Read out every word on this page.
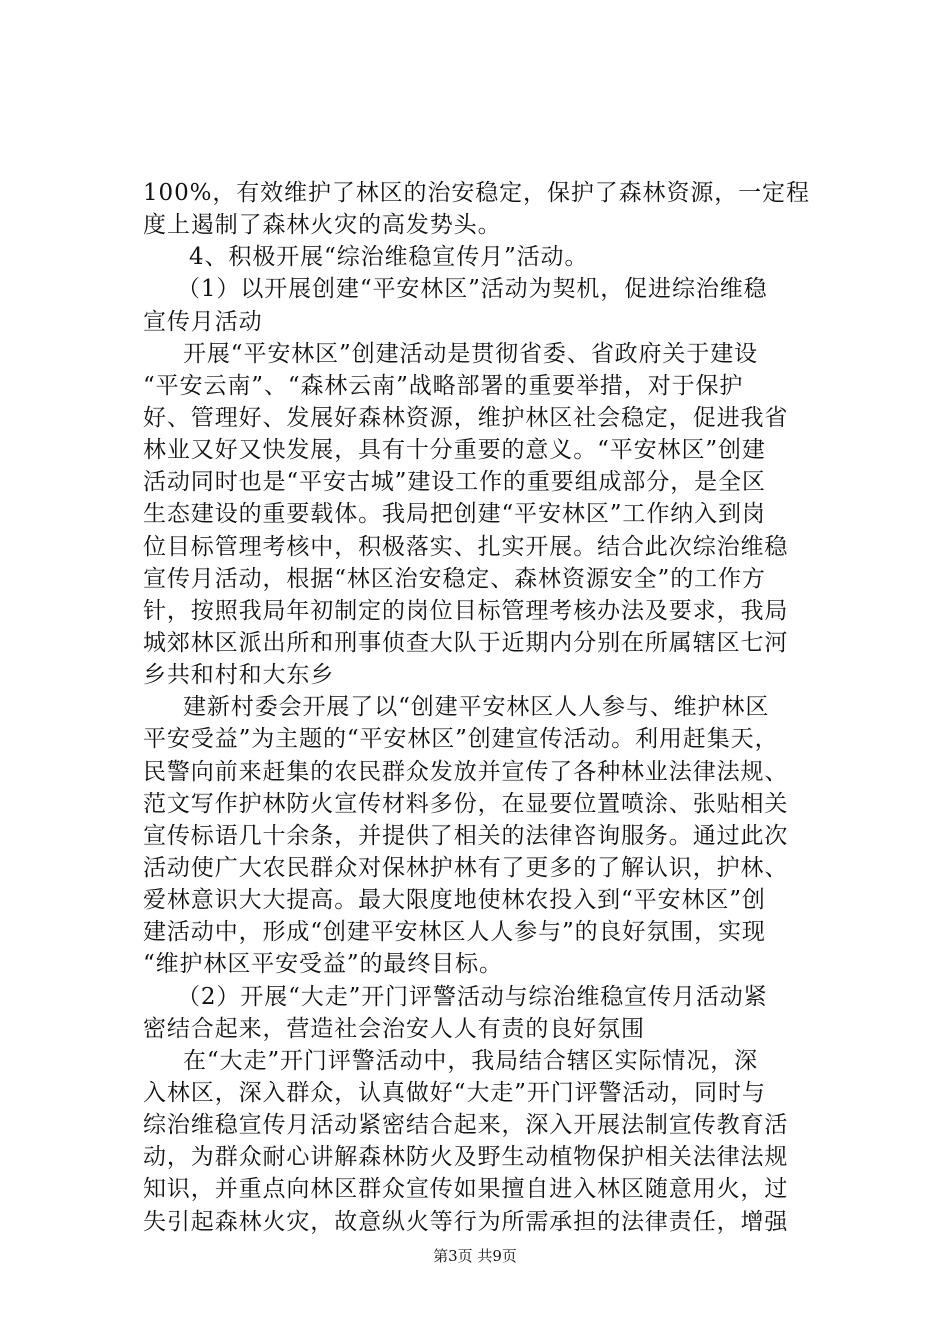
100%，有效维护了林区的治安稳定，保护了森林资源，一定程
度上遏制了森林火灾的高发势头。
4、积极开展“综治维稳宣传月”活动。
（1）以开展创建“平安林区”活动为契机，促进综治维稳
宣传月活动
开展“平安林区”创建活动是贯彻省委、省政府关于建设
“平安云南”、“森林云南”战略部署的重要举措，对于保护
好、管理好、发展好森林资源，维护林区社会稳定，促进我省
林业又好又快发展，具有十分重要的意义。“平安林区”创建
活动同时也是“平安古城”建设工作的重要组成部分，是全区
生态建设的重要载体。我局把创建“平安林区”工作纳入到岗
位目标管理考核中，积极落实、扎实开展。结合此次综治维稳
宣传月活动，根据“林区治安稳定、森林资源安全”的工作方
针，按照我局年初制定的岗位目标管理考核办法及要求，我局
城郊林区派出所和刑事侦查大队于近期内分别在所属辖区七河
乡共和村和大东乡
建新村委会开展了以“创建平安林区人人参与、维护林区
平安受益”为主题的“平安林区”创建宣传活动。利用赶集天，
民警向前来赶集的农民群众发放并宣传了各种林业法律法规、
范文写作护林防火宣传材料多份，在显要位置喷涂、张贴相关
宣传标语几十余条，并提供了相关的法律咨询服务。通过此次
活动使广大农民群众对保林护林有了更多的了解认识，护林、
爱林意识大大提高。最大限度地使林农投入到“平安林区”创
建活动中，形成“创建平安林区人人参与”的良好氛围，实现
“维护林区平安受益”的最终目标。
（2）开展“大走”开门评警活动与综治维稳宣传月活动紧
密结合起来，营造社会治安人人有责的良好氛围
在“大走”开门评警活动中，我局结合辖区实际情况，深
入林区，深入群众，认真做好“大走”开门评警活动，同时与
综治维稳宣传月活动紧密结合起来，深入开展法制宣传教育活
动，为群众耐心讲解森林防火及野生动植物保护相关法律法规
知识，并重点向林区群众宣传如果擅自进入林区随意用火，过
失引起森林火灾，故意纵火等行为所需承担的法律责任，增强
第3页 共9页
